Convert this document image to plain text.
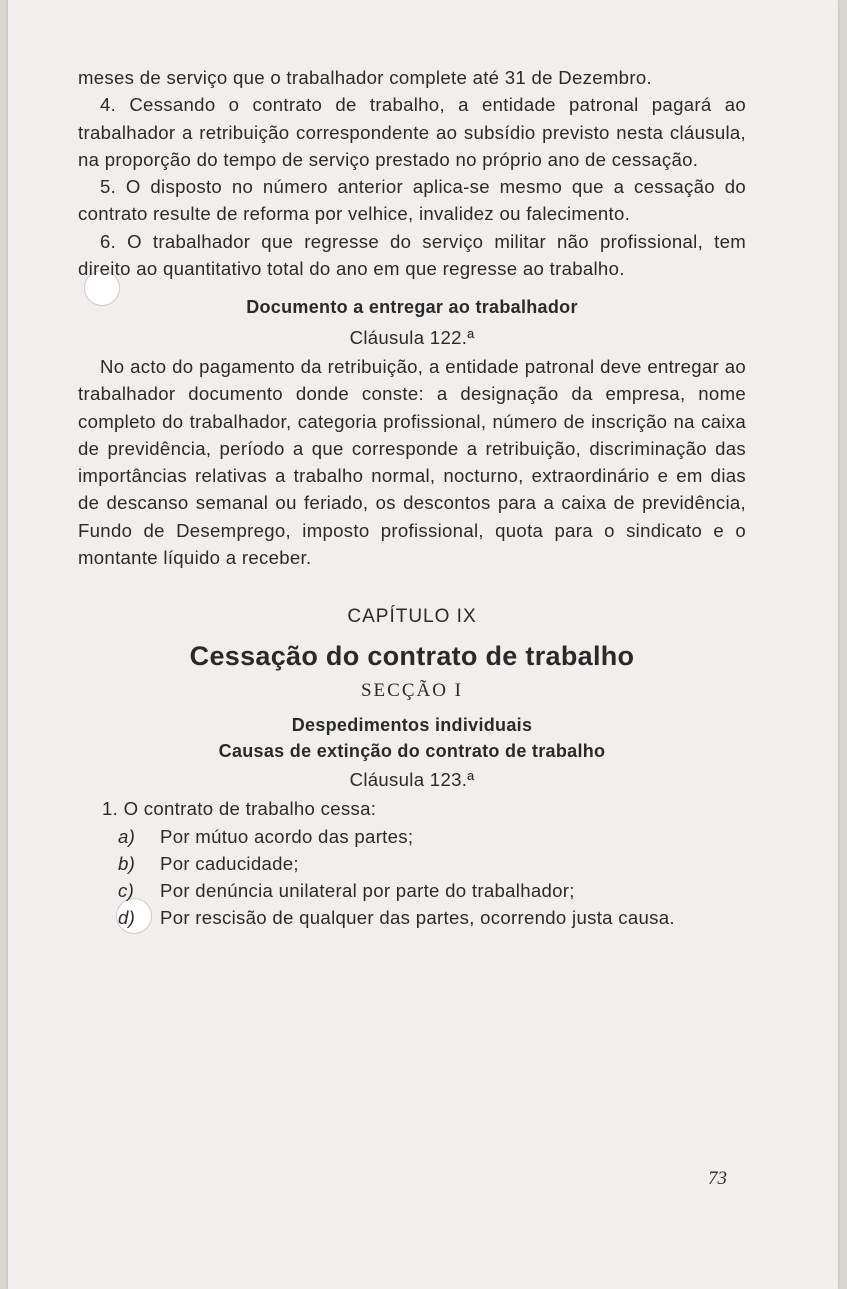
meses de serviço que o trabalhador complete até 31 de Dezembro.

4. Cessando o contrato de trabalho, a entidade patronal pagará ao trabalhador a retribuição correspondente ao subsídio previsto nesta cláusula, na proporção do tempo de serviço prestado no próprio ano de cessação.

5. O disposto no número anterior aplica-se mesmo que a cessação do contrato resulte de reforma por velhice, invalidez ou falecimento.

6. O trabalhador que regresse do serviço militar não profissional, tem direito ao quantitativo total do ano em que regresse ao trabalho.

Documento a entregar ao trabalhador
Cláusula 122.ª

No acto do pagamento da retribuição, a entidade patronal deve entregar ao trabalhador documento donde conste: a designação da empresa, nome completo do trabalhador, categoria profissional, número de inscrição na caixa de previdência, período a que corresponde a retribuição, discriminação das importâncias relativas a trabalho normal, nocturno, extraordinário e em dias de descanso semanal ou feriado, os descontos para a caixa de previdência, Fundo de Desemprego, imposto profissional, quota para o sindicato e o montante líquido a receber.

CAPÍTULO IX
Cessação do contrato de trabalho
SECÇÃO I
Despedimentos individuais
Causas de extinção do contrato de trabalho
Cláusula 123.ª

1. O contrato de trabalho cessa:

a)	Por mútuo acordo das partes;
b)	Por caducidade;
c)	Por denúncia unilateral por parte do trabalhador;
d)	Por rescisão de qualquer das partes, ocorrendo justa causa.
73
